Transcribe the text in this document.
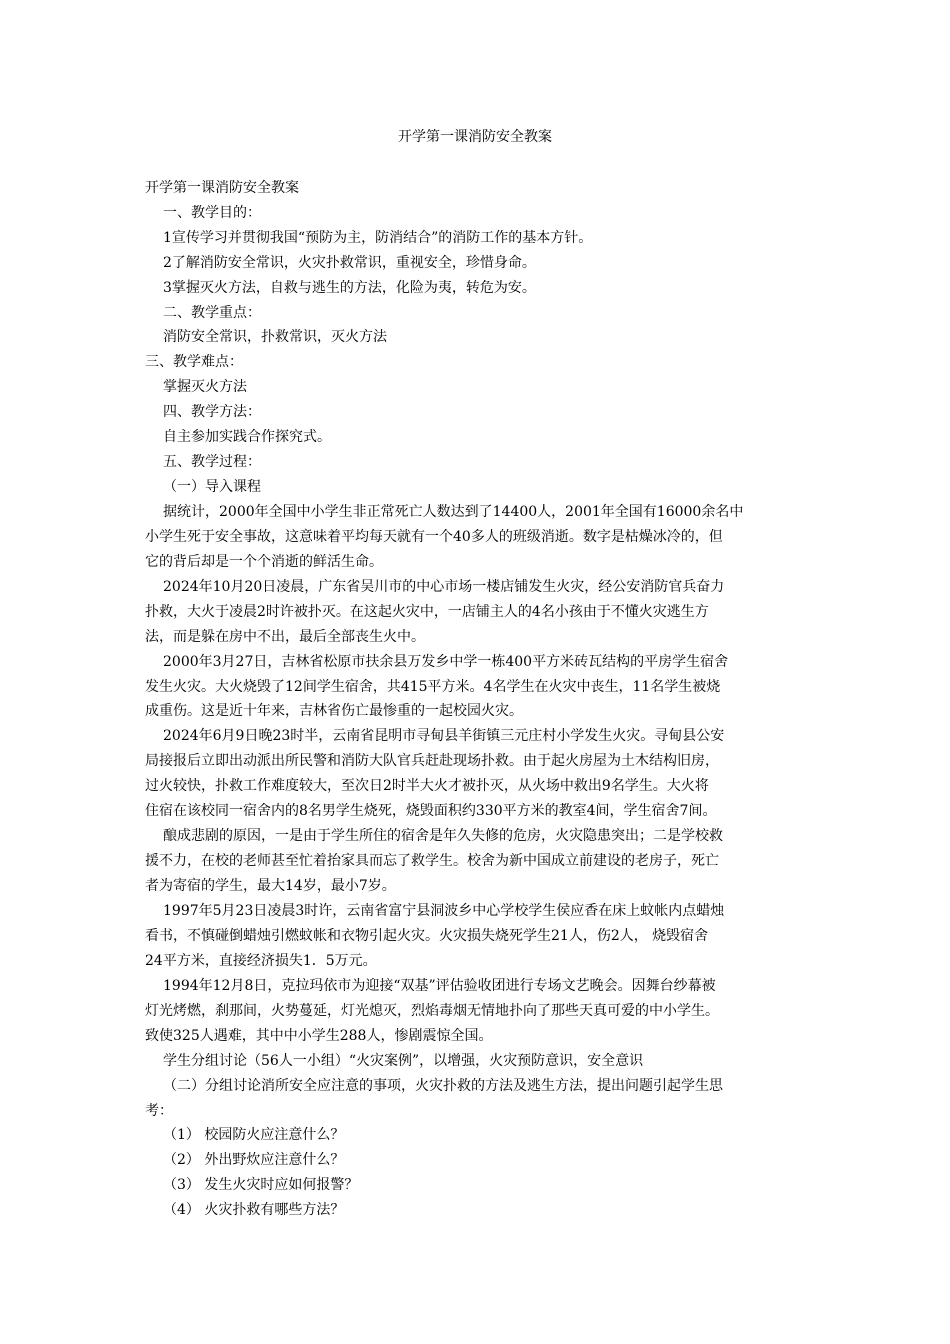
开学第一课消防安全教案
开学第一课消防安全教案
一、教学目的：
1宣传学习并贯彻我国“预防为主，防消结合”的消防工作的基本方针。
2了解消防安全常识，火灾扑救常识，重视安全，珍惜身命。
3掌握灭火方法，自救与逃生的方法，化险为夷，转危为安。
二、教学重点：
消防安全常识，扑救常识，灭火方法
三、教学难点：
掌握灭火方法
四、教学方法：
自主参加实践合作探究式。
五、教学过程：
（一）导入课程
据统计，2000年全国中小学生非正常死亡人数达到了14400人，2001年全国有16000余名中
小学生死于安全事故，这意味着平均每天就有一个40多人的班级消逝。数字是枯燥冰冷的，但
它的背后却是一个个消逝的鲜活生命。
2024年10月20日凌晨，广东省吴川市的中心市场一楼店铺发生火灾，经公安消防官兵奋力
扑救，大火于凌晨2时许被扑灭。在这起火灾中，一店铺主人的4名小孩由于不懂火灾逃生方
法，而是躲在房中不出，最后全部丧生火中。
2000年3月27日，吉林省松原市扶余县万发乡中学一栋400平方米砖瓦结构的平房学生宿舍
发生火灾。大火烧毁了12间学生宿舍，共415平方米。4名学生在火灾中丧生，11名学生被烧
成重伤。这是近十年来，吉林省伤亡最惨重的一起校园火灾。
2024年6月9日晚23时半，云南省昆明市寻甸县羊街镇三元庄村小学发生火灾。寻甸县公安
局接报后立即出动派出所民警和消防大队官兵赶赴现场扑救。由于起火房屋为土木结构旧房，
过火较快，扑救工作难度较大，至次日2时半大火才被扑灭，从火场中救出9名学生。大火将
住宿在该校同一宿舍内的8名男学生烧死，烧毁面积约330平方米的教室4间，学生宿舍7间。
酿成悲剧的原因，一是由于学生所住的宿舍是年久失修的危房，火灾隐患突出；二是学校救
援不力，在校的老师甚至忙着抬家具而忘了救学生。校舍为新中国成立前建设的老房子，死亡
者为寄宿的学生，最大14岁，最小7岁。
1997年5月23日凌晨3时许，云南省富宁县洞波乡中心学校学生侯应香在床上蚊帐内点蜡烛
看书，不慎碰倒蜡烛引燃蚊帐和衣物引起火灾。火灾损失烧死学生21人，伤2人， 烧毁宿舍
24平方米，直接经济损失1．5万元。
1994年12月8日，克拉玛依市为迎接“双基”评估验收团进行专场文艺晚会。因舞台纱幕被
灯光烤燃，刹那间，火势蔓延，灯光熄灭，烈焰毒烟无情地扑向了那些天真可爱的中小学生。
致使325人遇难，其中中小学生288人，惨剧震惊全国。
学生分组讨论（56人一小组）“火灾案例”，以增强，火灾预防意识，安全意识
（二）分组讨论消所安全应注意的事项，火灾扑救的方法及逃生方法，提出问题引起学生思
考：
（1） 校园防火应注意什么？
（2） 外出野炊应注意什么？
（3） 发生火灾时应如何报警？
（4） 火灾扑救有哪些方法？
